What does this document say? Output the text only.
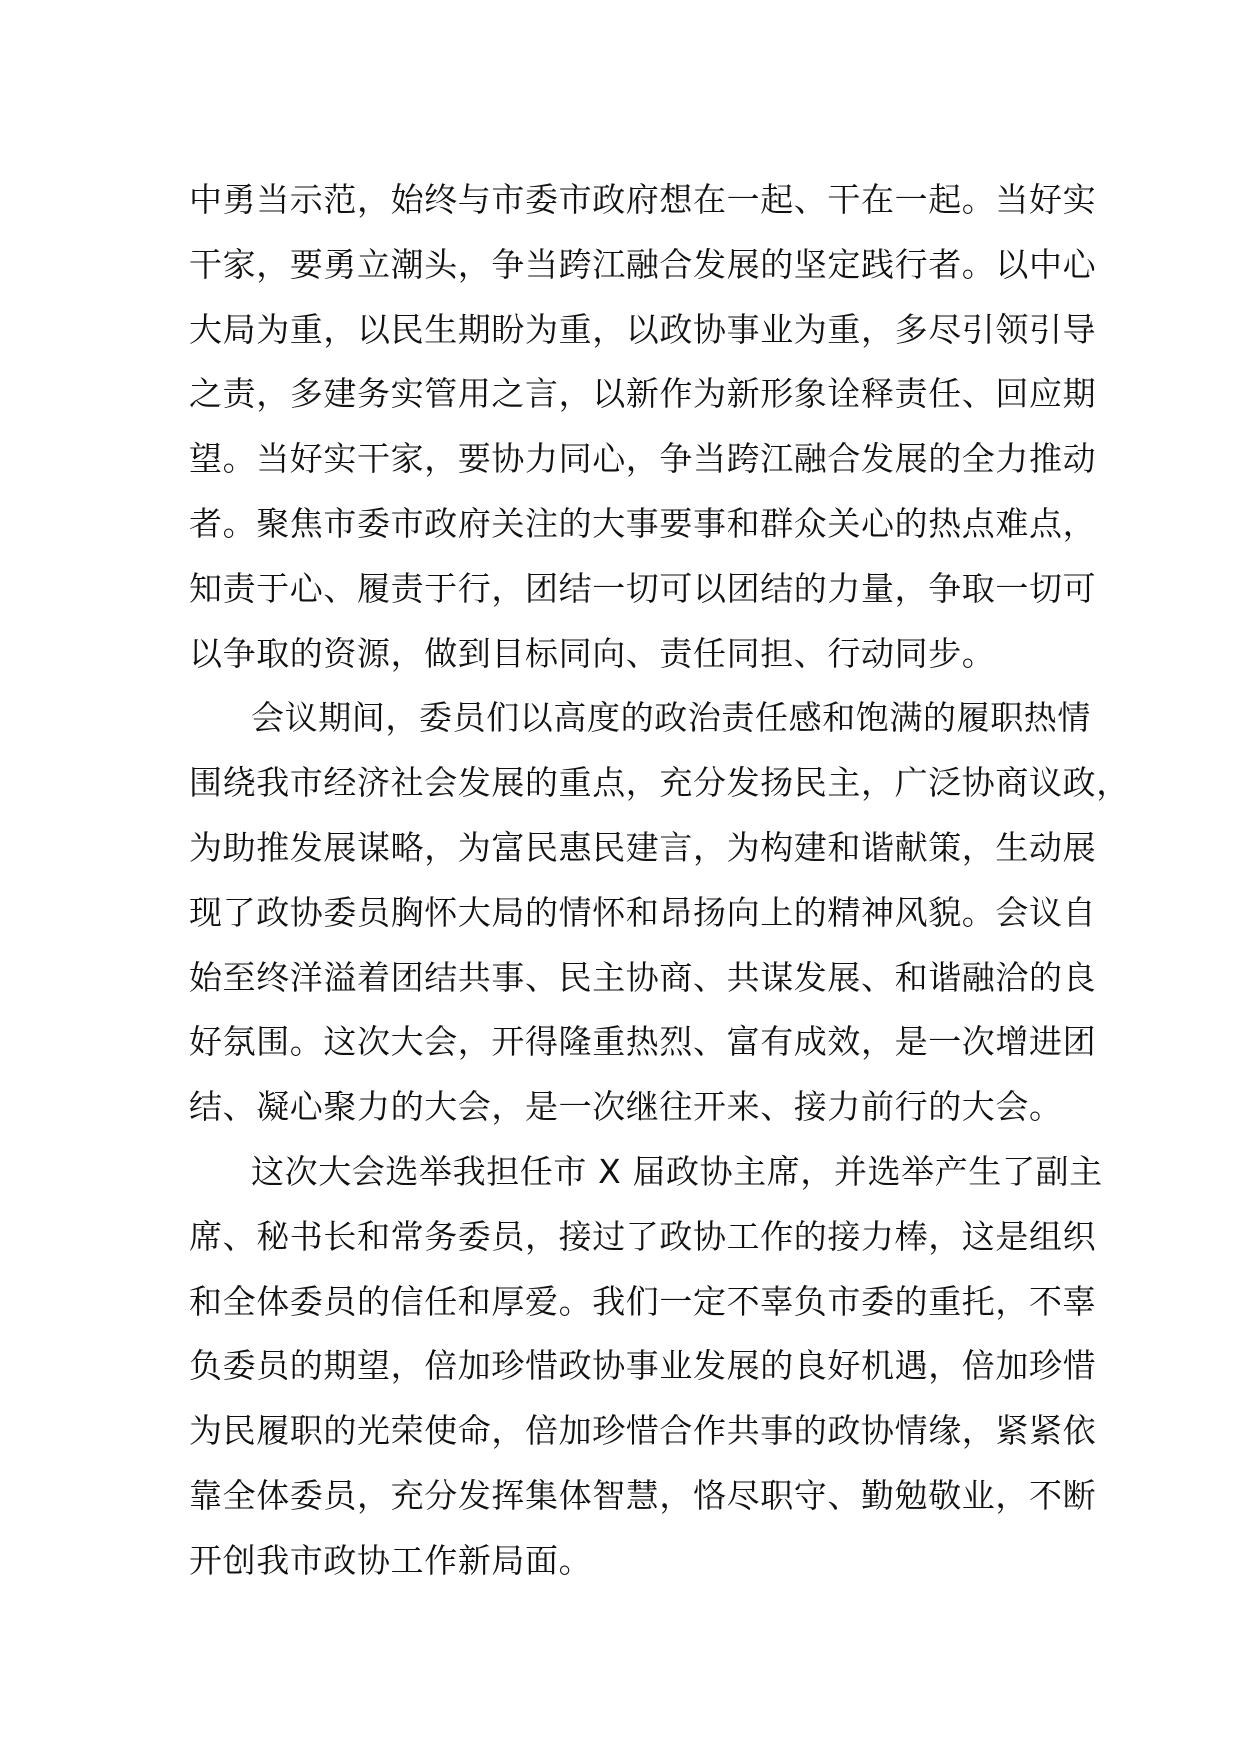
中勇当示范，始终与市委市政府想在一起、干在一起。当好实
干家，要勇立潮头，争当跨江融合发展的坚定践行者。以中心
大局为重，以民生期盼为重，以政协事业为重，多尽引领引导
之责，多建务实管用之言，以新作为新形象诠释责任、回应期
望。当好实干家，要协力同心，争当跨江融合发展的全力推动
者。聚焦市委市政府关注的大事要事和群众关心的热点难点，
知责于心、履责于行，团结一切可以团结的力量，争取一切可
以争取的资源，做到目标同向、责任同担、行动同步。
会议期间，委员们以高度的政治责任感和饱满的履职热情
围绕我市经济社会发展的重点，充分发扬民主，广泛协商议政，
为助推发展谋略，为富民惠民建言，为构建和谐献策，生动展
现了政协委员胸怀大局的情怀和昂扬向上的精神风貌。会议自
始至终洋溢着团结共事、民主协商、共谋发展、和谐融洽的良
好氛围。这次大会，开得隆重热烈、富有成效，是一次增进团
结、凝心聚力的大会，是一次继往开来、接力前行的大会。
这次大会选举我担任市 X 届政协主席，并选举产生了副主
席、秘书长和常务委员，接过了政协工作的接力棒，这是组织
和全体委员的信任和厚爱。我们一定不辜负市委的重托，不辜
负委员的期望，倍加珍惜政协事业发展的良好机遇，倍加珍惜
为民履职的光荣使命，倍加珍惜合作共事的政协情缘，紧紧依
靠全体委员，充分发挥集体智慧，恪尽职守、勤勉敬业，不断
开创我市政协工作新局面。
